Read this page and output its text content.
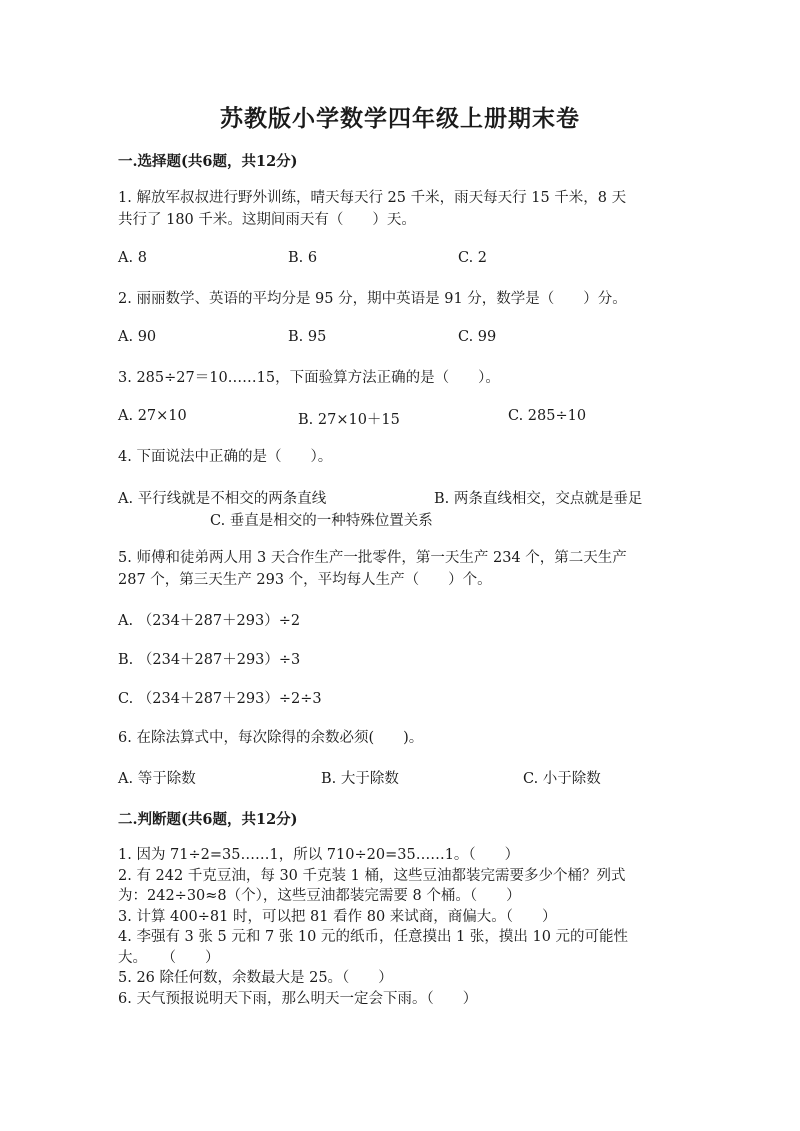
苏教版小学数学四年级上册期末卷
一.选择题(共6题，共12分)
1. 解放军叔叔进行野外训练，晴天每天行 25 千米，雨天每天行 15 千米，8 天
共行了 180 千米。这期间雨天有（　　）天。
A. 8	B. 6	C. 2
2. 丽丽数学、英语的平均分是 95 分，期中英语是 91 分，数学是（　　）分。
A. 90	B. 95	C. 99
3. 285÷27＝10……15，下面验算方法正确的是（　　）。
A. 27×10	B. 27×10＋15	C. 285÷10
4. 下面说法中正确的是（　　）。
A. 平行线就是不相交的两条直线	B. 两条直线相交，交点就是垂足
C. 垂直是相交的一种特殊位置关系
5. 师傅和徒弟两人用 3 天合作生产一批零件，第一天生产 234 个，第二天生产
287 个，第三天生产 293 个，平均每人生产（　　）个。
A. （234＋287＋293）÷2
B. （234＋287＋293）÷3
C. （234＋287＋293）÷2÷3
6. 在除法算式中，每次除得的余数必须(　　)。
A. 等于除数	B. 大于除数	C. 小于除数
二.判断题(共6题，共12分)
1. 因为 71÷2=35……1，所以 710÷20=35……1。（　　）
2. 有 242 千克豆油，每 30 千克装 1 桶，这些豆油都装完需要多少个桶？列式
为：242÷30≈8（个），这些豆油都装完需要 8 个桶。（　　）
3. 计算 400÷81 时，可以把 81 看作 80 来试商，商偏大。（　　）
4. 李强有 3 张 5 元和 7 张 10 元的纸币，任意摸出 1 张，摸出 10 元的可能性
大。　　（　　）
5. 26 除任何数，余数最大是 25。（　　）
6. 天气预报说明天下雨，那么明天一定会下雨。（　　）
